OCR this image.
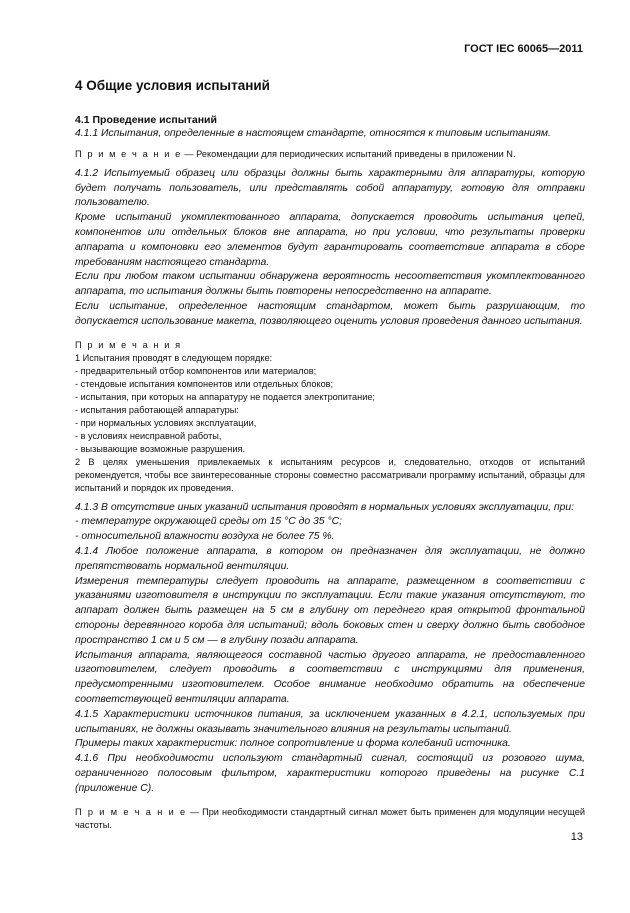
ГОСТ IEC 60065—2011
4 Общие условия испытаний
4.1 Проведение испытаний

4.1.1 Испытания, определенные в настоящем стандарте, относятся к типовым испытаниям.

П р и м е ч а н и е — Рекомендации для периодических испытаний приведены в приложении N.

4.1.2 Испытуемый образец или образцы должны быть характерными для аппаратуры, которую будет получать пользователь, или представлять собой аппаратуру, готовую для отправки пользователю.

Кроме испытаний укомплектованного аппарата, допускается проводить испытания цепей, компонентов или отдельных блоков вне аппарата, но при условии, что результаты проверки аппарата и компоновки его элементов будут гарантировать соответствие аппарата в сборе требованиям настоящего стандарта.

Если при любом таком испытании обнаружена вероятность несоответствия укомплектованного аппарата, то испытания должны быть повторены непосредственно на аппарате.

Если испытание, определенное настоящим стандартом, может быть разрушающим, то допускается использование макета, позволяющего оценить условия проведения данного испытания.

П р и м е ч а н и я

1 Испытания проводят в следующем порядке:

- предварительный отбор компонентов или материалов;

- стендовые испытания компонентов или отдельных блоков;

- испытания, при которых на аппаратуру не подается электропитание;

- испытания работающей аппаратуры:

- при нормальных условиях эксплуатации,

- в условиях неисправной работы,

- вызывающие возможные разрушения.

2 В целях уменьшения привлекаемых к испытаниям ресурсов и, следовательно, отходов от испытаний рекомендуется, чтобы все заинтересованные стороны совместно рассматривали программу испытаний, образцы для испытаний и порядок их проведения.

4.1.3 В отсутствие иных указаний испытания проводят в нормальных условиях эксплуатации, при:

- температуре окружающей среды от 15 °С до 35 °С;

- относительной влажности воздуха не более 75 %.

4.1.4 Любое положение аппарата, в котором он предназначен для эксплуатации, не должно препятствовать нормальной вентиляции.

Измерения температуры следует проводить на аппарате, размещенном в соответствии с указаниями изготовителя в инструкции по эксплуатации. Если такие указания отсутствуют, то аппарат должен быть размещен на 5 см в глубину от переднего края открытой фронтальной стороны деревянного короба для испытаний; вдоль боковых стен и сверху должно быть свободное пространство 1 см и 5 см — в глубину позади аппарата.

Испытания аппарата, являющегося составной частью другого аппарата, не предоставленного изготовителем, следует проводить в соответствии с инструкциями для применения, предусмотренными изготовителем. Особое внимание необходимо обратить на обеспечение соответствующей вентиляции аппарата.

4.1.5 Характеристики источников питания, за исключением указанных в 4.2.1, используемых при испытаниях, не должны оказывать значительного влияния на результаты испытаний.

Примеры таких характеристик: полное сопротивление и форма колебаний источника.

4.1.6 При необходимости используют стандартный сигнал, состоящий из розового шума, ограниченного полосовым фильтром, характеристики которого приведены на рисунке С.1 (приложение С).

П р и м е ч а н и е — При необходимости стандартный сигнал может быть применен для модуляции несущей частоты.

13
